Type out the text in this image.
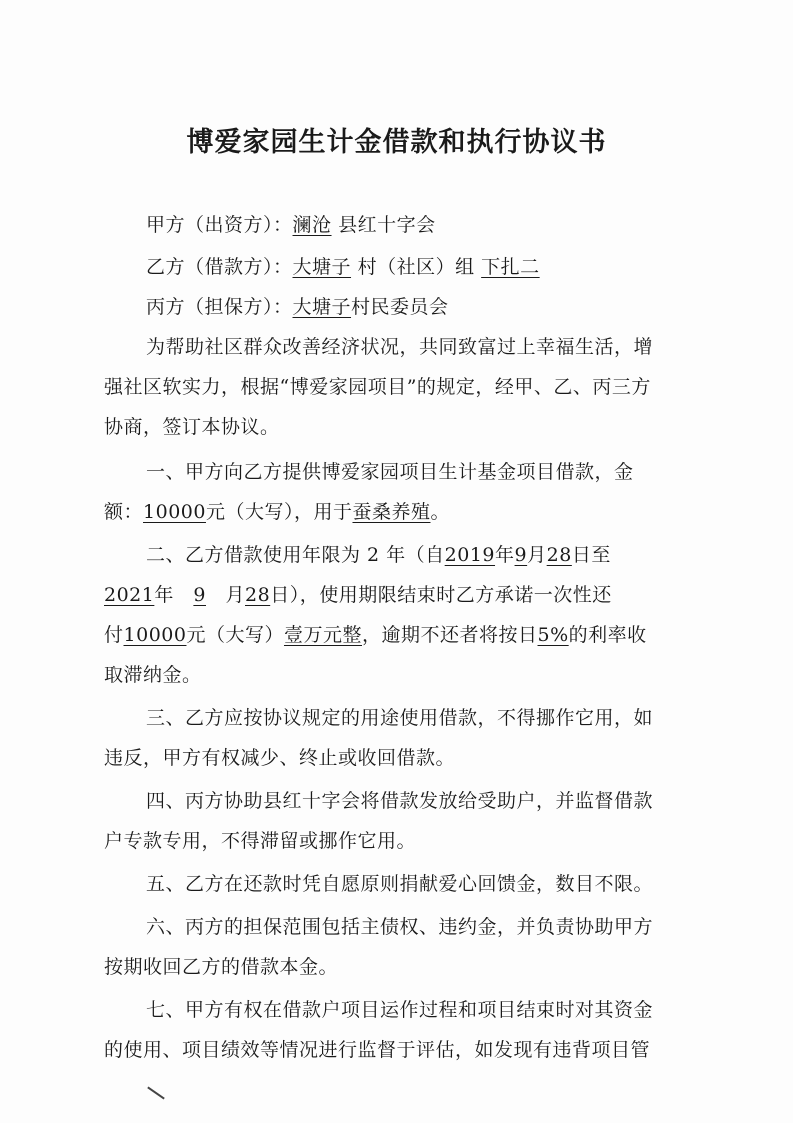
博爱家园生计金借款和执行协议书
甲方（出资方）：澜沧 县红十字会
乙方（借款方）：大塘子 村（社区）组 下扎二
丙方（担保方）：大塘子村民委员会
为帮助社区群众改善经济状况，共同致富过上幸福生活，增
强社区软实力，根据“博爱家园项目”的规定，经甲、乙、丙三方
协商，签订本协议。
一、甲方向乙方提供博爱家园项目生计基金项目借款，金
额：10000元（大写），用于蚕桑养殖。
二、乙方借款使用年限为 2 年（自2019年9月28日至
2021年　 9　 月28日），使用期限结束时乙方承诺一次性还
付10000元（大写）壹万元整，逾期不还者将按日5%的利率收
取滞纳金。
三、乙方应按协议规定的用途使用借款，不得挪作它用，如
违反，甲方有权减少、终止或收回借款。
四、丙方协助县红十字会将借款发放给受助户，并监督借款
户专款专用，不得滞留或挪作它用。
五、乙方在还款时凭自愿原则捐献爱心回馈金，数目不限。
六、丙方的担保范围包括主债权、违约金，并负责协助甲方
按期收回乙方的借款本金。
七、甲方有权在借款户项目运作过程和项目结束时对其资金
的使用、项目绩效等情况进行监督于评估，如发现有违背项目管
